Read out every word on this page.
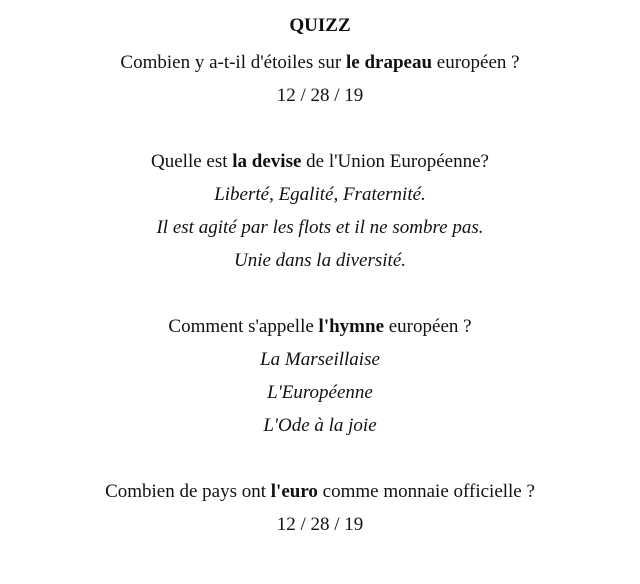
QUIZZ
Combien y a-t-il d'étoiles sur le drapeau européen ?
12 / 28 / 19
Quelle est la devise de l'Union Européenne?
Liberté, Egalité, Fraternité.
Il est agité par les flots et il ne sombre pas.
Unie dans la diversité.
Comment s'appelle l'hymne européen ?
La Marseillaise
L'Européenne
L'Ode à la joie
Combien de pays ont l'euro comme monnaie officielle ?
12 / 28 / 19
